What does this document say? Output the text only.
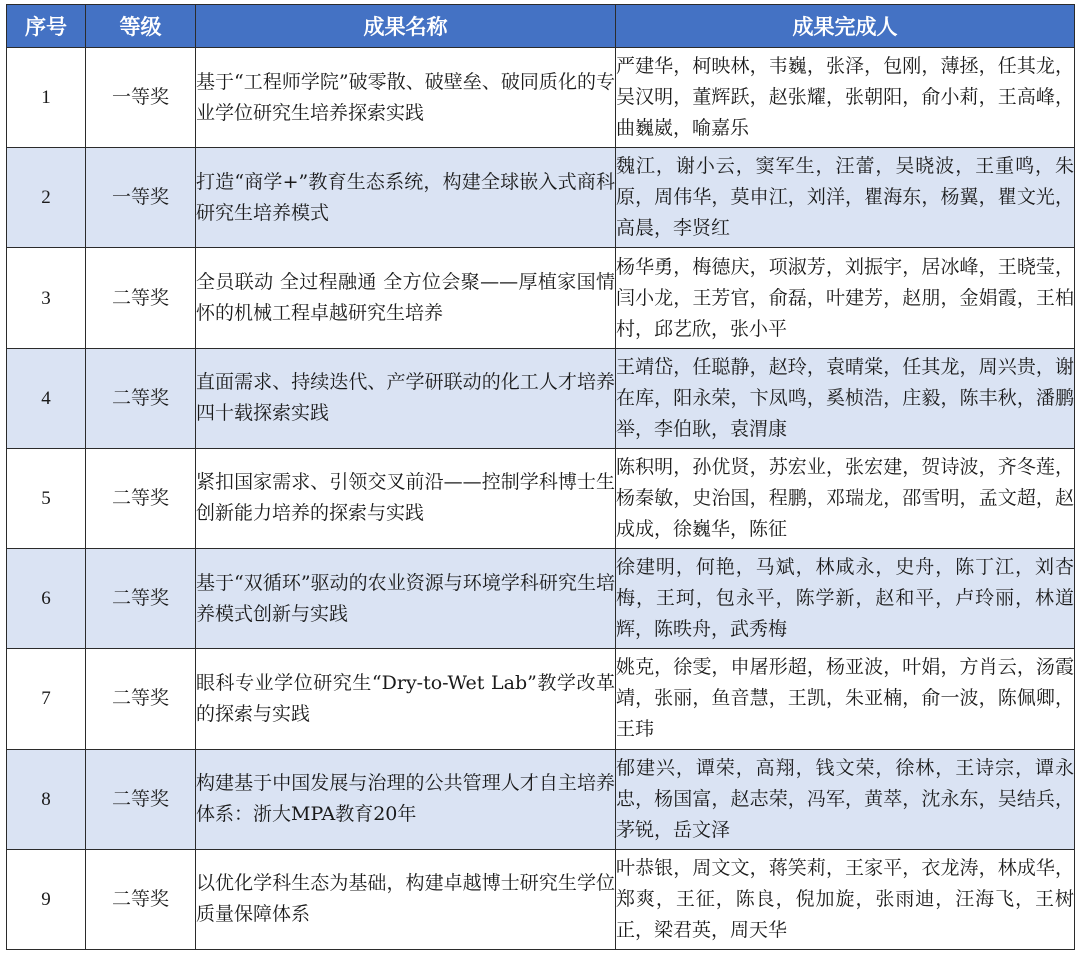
序号	等级	成果名称	成果完成人
1	一等奖	基于“工程师学院”破零散、破壁垒、破同质化的专业学位研究生培养探索实践	严建华，柯映林，韦巍，张泽，包刚，薄拯，任其龙，吴汉明，董辉跃，赵张耀，张朝阳，俞小莉，王高峰，曲巍崴，喻嘉乐
2	一等奖	打造“商学+”教育生态系统，构建全球嵌入式商科研究生培养模式	魏江，谢小云，窦军生，汪蕾，吴晓波，王重鸣，朱原，周伟华，莫申江，刘洋，瞿海东，杨翼，瞿文光，高晨，李贤红
3	二等奖	全员联动 全过程融通 全方位会聚——厚植家国情怀的机械工程卓越研究生培养	杨华勇，梅德庆，项淑芳，刘振宇，居冰峰，王晓莹，闫小龙，王芳官，俞磊，叶建芳，赵朋，金娟霞，王柏村，邱艺欣，张小平
4	二等奖	直面需求、持续迭代、产学研联动的化工人才培养四十载探索实践	王靖岱，任聪静，赵玲，袁晴棠，任其龙，周兴贵，谢在库，阳永荣，卞凤鸣，奚桢浩，庄毅，陈丰秋，潘鹏举，李伯耿，袁渭康
5	二等奖	紧扣国家需求、引领交叉前沿——控制学科博士生创新能力培养的探索与实践	陈积明，孙优贤，苏宏业，张宏建，贺诗波，齐冬莲，杨秦敏，史治国，程鹏，邓瑞龙，邵雪明，孟文超，赵成成，徐巍华，陈征
6	二等奖	基于“双循环”驱动的农业资源与环境学科研究生培养模式创新与实践	徐建明，何艳，马斌，林咸永，史舟，陈丁江，刘杏梅，王珂，包永平，陈学新，赵和平，卢玲丽，林道辉，陈昳舟，武秀梅
7	二等奖	眼科专业学位研究生“Dry-to-Wet Lab”教学改革的探索与实践	姚克，徐雯，申屠形超，杨亚波，叶娟，方肖云，汤霞靖，张丽，鱼音慧，王凯，朱亚楠，俞一波，陈佩卿，王玮
8	二等奖	构建基于中国发展与治理的公共管理人才自主培养体系：浙大MPA教育20年	郁建兴，谭荣，高翔，钱文荣，徐林，王诗宗，谭永忠，杨国富，赵志荣，冯军，黄萃，沈永东，吴结兵，茅锐，岳文泽
9	二等奖	以优化学科生态为基础，构建卓越博士研究生学位质量保障体系	叶恭银，周文文，蒋笑莉，王家平，衣龙涛，林成华，郑爽，王征，陈良，倪加旋，张雨迪，汪海飞，王树正，梁君英，周天华
